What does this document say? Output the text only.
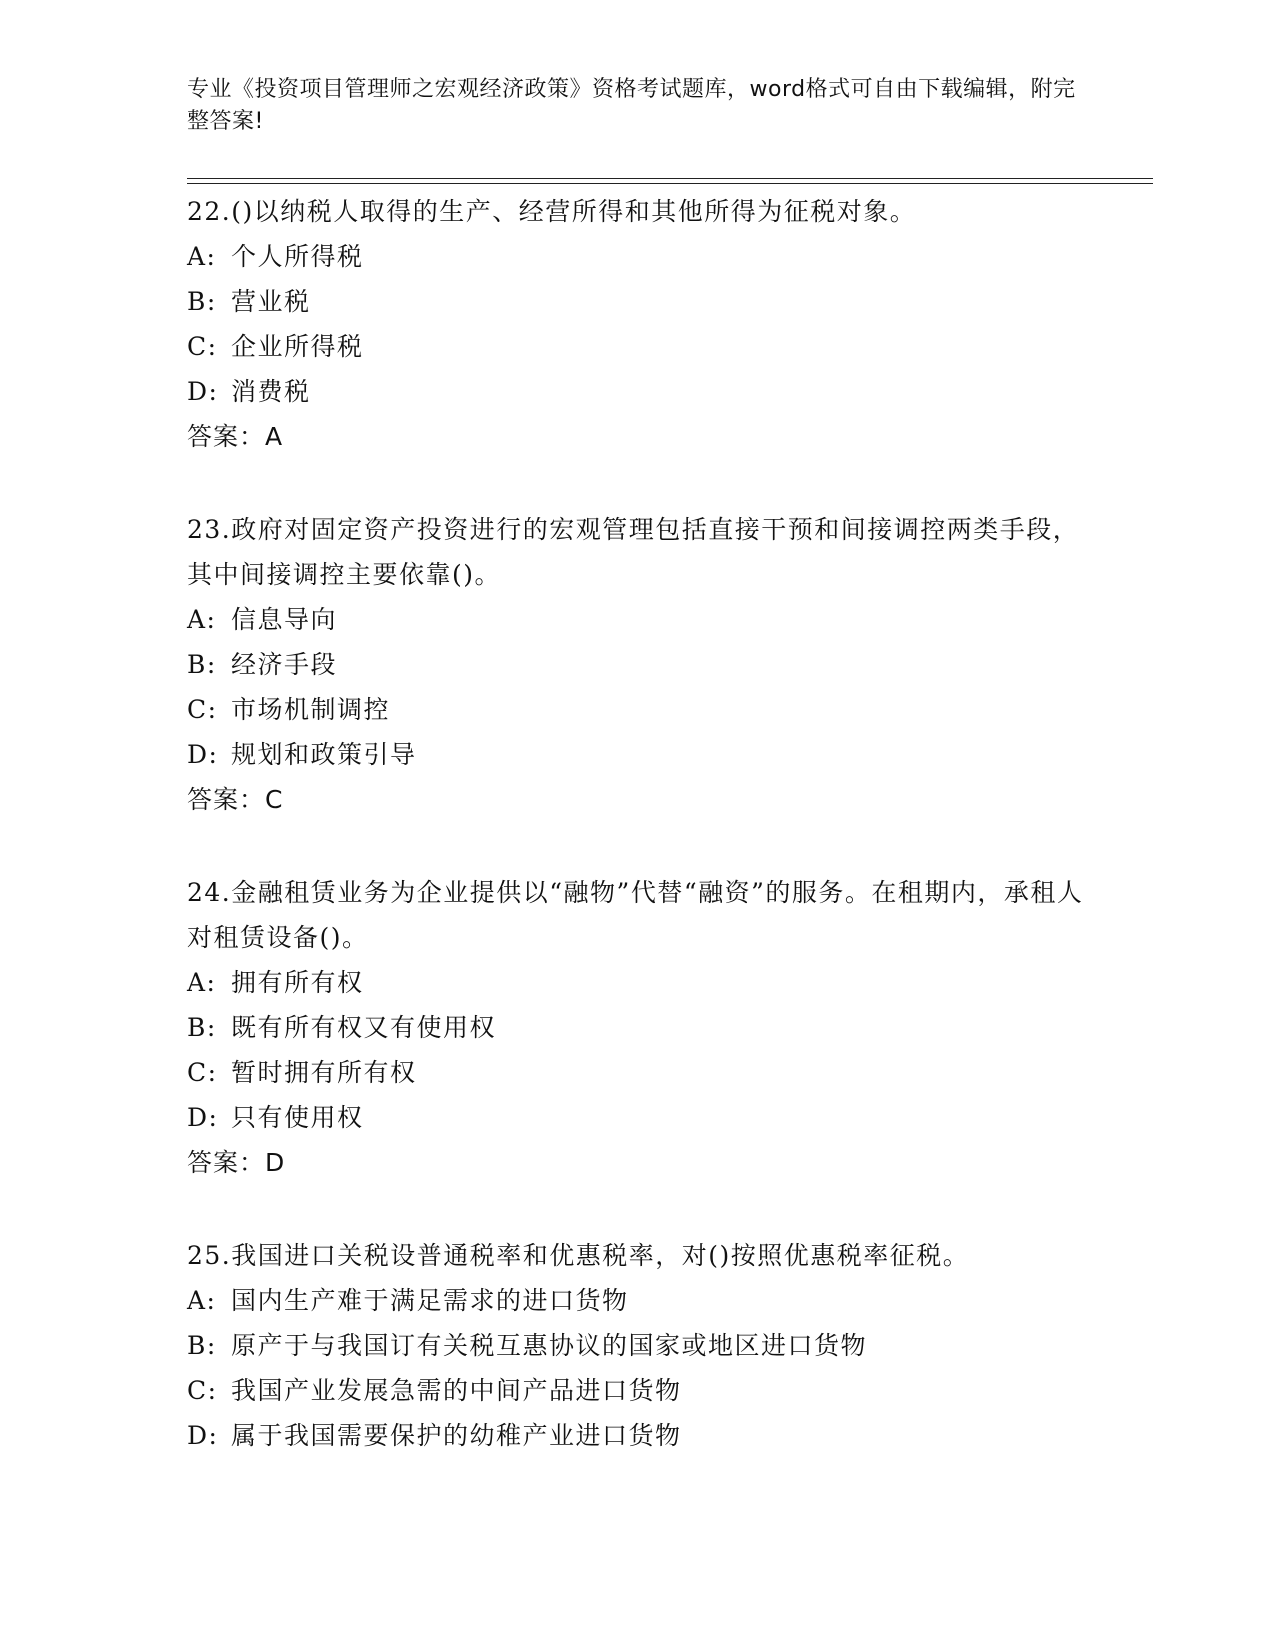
专业《投资项目管理师之宏观经济政策》资格考试题库，word格式可自由下载编辑，附完整答案!

22.()以纳税人取得的生产、经营所得和其他所得为征税对象。

A: 个人所得税
B: 营业税
C: 企业所得税
D: 消费税
答案：A

23.政府对固定资产投资进行的宏观管理包括直接干预和间接调控两类手段，其中间接调控主要依靠()。

A: 信息导向
B: 经济手段
C: 市场机制调控
D: 规划和政策引导
答案：C

24.金融租赁业务为企业提供以“融物”代替“融资”的服务。在租期内，承租人对租赁设备()。

A: 拥有所有权
B: 既有所有权又有使用权
C: 暂时拥有所有权
D: 只有使用权
答案：D

25.我国进口关税设普通税率和优惠税率，对()按照优惠税率征税。

A: 国内生产难于满足需求的进口货物
B: 原产于与我国订有关税互惠协议的国家或地区进口货物
C: 我国产业发展急需的中间产品进口货物
D: 属于我国需要保护的幼稚产业进口货物
